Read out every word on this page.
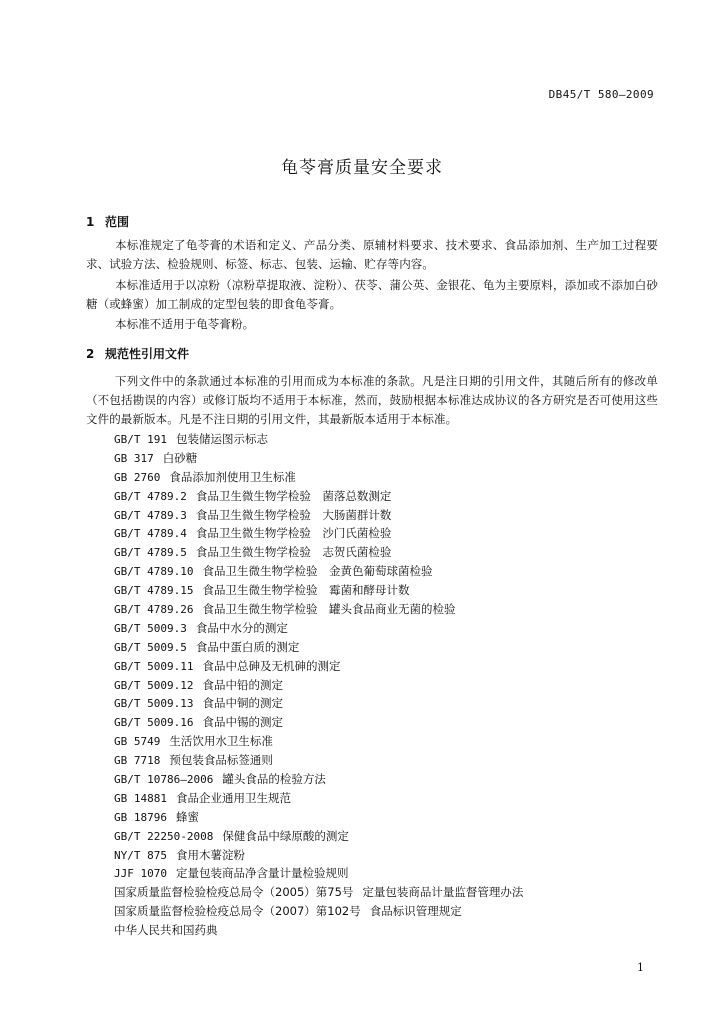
DB45/T 580—2009
龟苓膏质量安全要求
1 范围
本标准规定了龟苓膏的术语和定义、产品分类、原辅材料要求、技术要求、食品添加剂、生产加工过程要求、试验方法、检验规则、标签、标志、包装、运输、贮存等内容。
本标准适用于以凉粉（凉粉草提取液、淀粉）、茯苓、蒲公英、金银花、龟为主要原料，添加或不添加白砂糖（或蜂蜜）加工制成的定型包装的即食龟苓膏。
本标准不适用于龟苓膏粉。
2 规范性引用文件
下列文件中的条款通过本标准的引用而成为本标准的条款。凡是注日期的引用文件，其随后所有的修改单（不包括勘误的内容）或修订版均不适用于本标准，然而，鼓励根据本标准达成协议的各方研究是否可使用这些文件的最新版本。凡是不注日期的引用文件，其最新版本适用于本标准。
GB/T 191 包装储运图示标志
GB 317 白砂糖
GB 2760 食品添加剂使用卫生标准
GB/T 4789.2 食品卫生微生物学检验　菌落总数测定
GB/T 4789.3 食品卫生微生物学检验　大肠菌群计数
GB/T 4789.4 食品卫生微生物学检验　沙门氏菌检验
GB/T 4789.5 食品卫生微生物学检验　志贺氏菌检验
GB/T 4789.10 食品卫生微生物学检验　金黄色葡萄球菌检验
GB/T 4789.15 食品卫生微生物学检验　霉菌和酵母计数
GB/T 4789.26 食品卫生微生物学检验　罐头食品商业无菌的检验
GB/T 5009.3 食品中水分的测定
GB/T 5009.5 食品中蛋白质的测定
GB/T 5009.11 食品中总砷及无机砷的测定
GB/T 5009.12 食品中铅的测定
GB/T 5009.13 食品中铜的测定
GB/T 5009.16 食品中锡的测定
GB 5749 生活饮用水卫生标准
GB 7718 预包装食品标签通则
GB/T 10786—2006 罐头食品的检验方法
GB 14881 食品企业通用卫生规范
GB 18796 蜂蜜
GB/T 22250-2008 保健食品中绿原酸的测定
NY/T 875 食用木薯淀粉
JJF 1070 定量包装商品净含量计量检验规则
国家质量监督检验检疫总局令（2005）第75号 定量包装商品计量监督管理办法
国家质量监督检验检疫总局令（2007）第102号 食品标识管理规定
中华人民共和国药典
1
